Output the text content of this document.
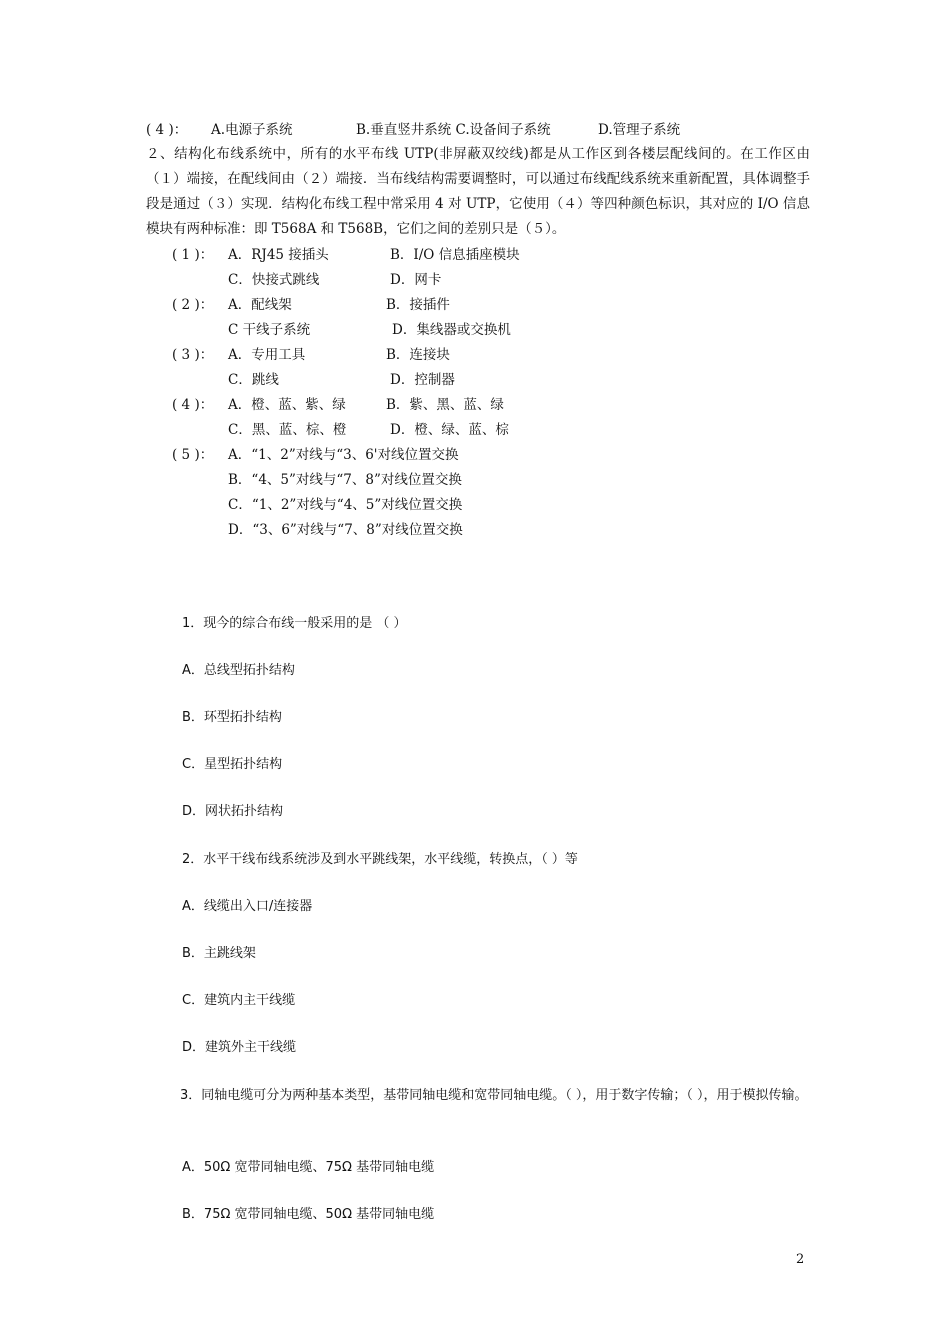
( 4 )： A.电源子系统	B.垂直竖井系统 C.设备间子系统	D.管理子系统
２、结构化布线系统中，所有的水平布线 UTP(非屏蔽双绞线)都是从工作区到各楼层配线间的。在工作区由（１）端接，在配线间由（２）端接．当布线结构需要调整时，可以通过布线配线系统来重新配置，具体调整手段是通过（３）实现．结构化布线工程中常采用 4 对 UTP，它使用（４）等四种颜色标识，其对应的 I/O 信息模块有两种标准：即 T568A 和 T568B，它们之间的差别只是（５）。
( 1 )： A．RJ45 接插头	B．I/O 信息插座模块
C．快接式跳线	D．网卡
( 2 )： A．配线架	B．接插件
C 干线子系统	D．集线器或交换机
( 3 )： A．专用工具	B．连接块
C．跳线	D．控制器
( 4 )： A．橙、蓝、紫、绿	B．紫、黑、蓝、绿
C．黑、蓝、棕、橙	D．橙、绿、蓝、棕
( 5 )： A．“1、2”对线与“3、6'对线位置交换
B．“4、5”对线与“7、8”对线位置交换
C．“1、2”对线与“4、5”对线位置交换
D．“3、6”对线与“7、8”对线位置交换
1．现今的综合布线一般采用的是 （ ）
A．总线型拓扑结构
B．环型拓扑结构
C．星型拓扑结构
D．网状拓扑结构
2．水平干线布线系统涉及到水平跳线架，水平线缆，转换点，（ ）等
A．线缆出入口/连接器
B．主跳线架
C．建筑内主干线缆
D．建筑外主干线缆
3．同轴电缆可分为两种基本类型，基带同轴电缆和宽带同轴电缆。（ ），用于数字传输；（ ），用于模拟传输。
A．50Ω 宽带同轴电缆、75Ω 基带同轴电缆
B．75Ω 宽带同轴电缆、50Ω 基带同轴电缆
2
